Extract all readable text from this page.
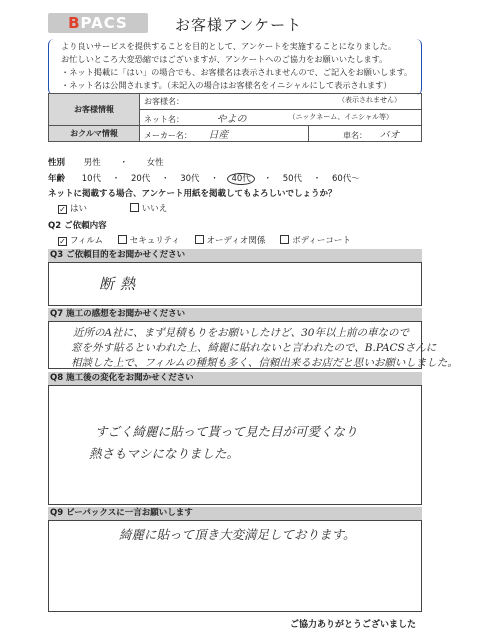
BPACS	お客様アンケート
より良いサービスを提供することを目的として、アンケートを実施することになりました。
お忙しいところ大変恐縮ではございますが、アンケートへのご協力をお願いいたします。
・ネット掲載に「はい」の場合でも、お客様名は表示されませんので、ご記入をお願いします。
・ネット名は公開されます。（未記入の場合はお客様名をイニシャルにして表示されます）
お客様情報	お客様名： （表示されません）	

	ネット名： やよの （ニックネーム、イニシャル等）	

おクルマ情報	メーカー名： 日産	車名： バオ
性別 男性 ・ 女性
年齢 10代 ・ 20代 ・ 30代 ・ 40代 ・ 50代 ・ 60代～
ネットに掲載する場合、アンケート用紙を掲載してもよろしいでしょうか？
✓ はい	いいえ
Q2 ご依頼内容
✓ フィルム	セキュリティ	オーディオ関係	ボディーコート
Q3 ご依頼目的をお聞かせください
断熱
Q7 施工の感想をお聞かせください
近所のA社に、まず見積もりをお願いしたけど、30年以上前の車なので
窓を外す貼るといわれた上、綺麗に貼れないと言われたので、B.PACSさんに
相談した上で、フィルムの種類も多く、信頼出来るお店だと思いお願いしました。
Q8 施工後の変化をお聞かせください
すごく綺麗に貼って貰って見た目が可愛くなり
熱さもマシになりました。
Q9 ビーパックスに一言お願いします
綺麗に貼って頂き大変満足しております。
ご協力ありがとうございました
